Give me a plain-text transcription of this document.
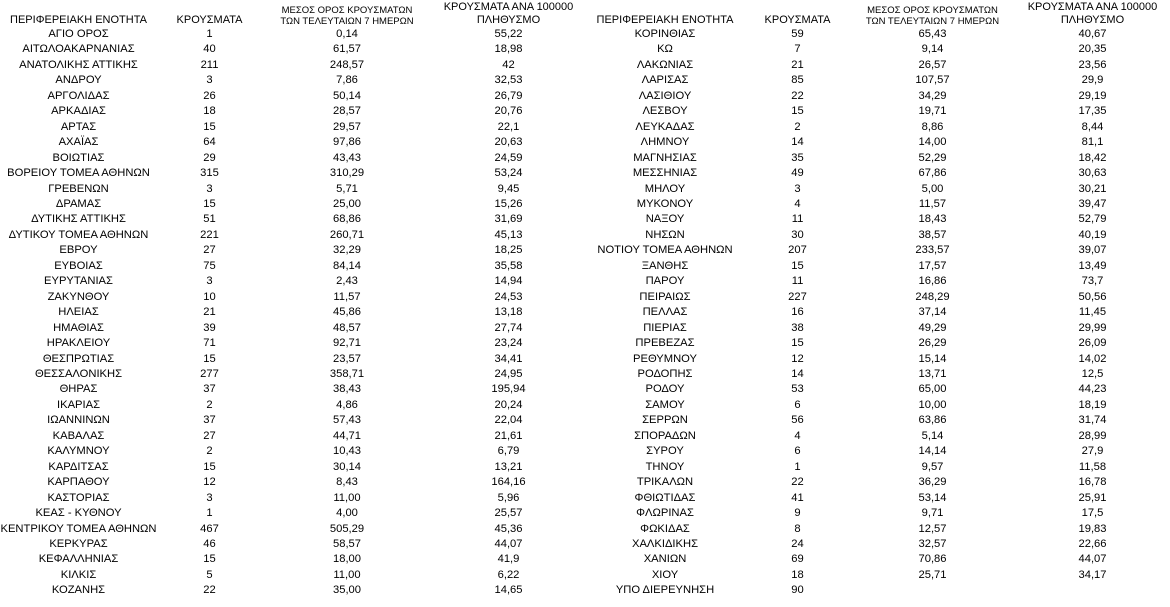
ΠΕΡΙΦΕΡΕΙΑΚΗ ΕΝΟΤΗΤΑ	ΚΡΟΥΣΜΑΤΑ	ΜΕΣΟΣ ΟΡΟΣ ΚΡΟΥΣΜΑΤΩΝ
ΤΩΝ ΤΕΛΕΥΤΑΙΩΝ 7 ΗΜΕΡΩΝ	ΚΡΟΥΣΜΑΤΑ ΑΝΑ 100000
ΠΛΗΘΥΣΜΟ
ΑΓΙΟ ΟΡΟΣ	1	0,14	55,22
ΑΙΤΩΛΟΑΚΑΡΝΑΝΙΑΣ	40	61,57	18,98
ΑΝΑΤΟΛΙΚΗΣ ΑΤΤΙΚΗΣ	211	248,57	42
ΑΝΔΡΟΥ	3	7,86	32,53
ΑΡΓΟΛΙΔΑΣ	26	50,14	26,79
ΑΡΚΑΔΙΑΣ	18	28,57	20,76
ΑΡΤΑΣ	15	29,57	22,1
ΑΧΑΪΑΣ	64	97,86	20,63
ΒΟΙΩΤΙΑΣ	29	43,43	24,59
ΒΟΡΕΙΟΥ ΤΟΜΕΑ ΑΘΗΝΩΝ	315	310,29	53,24
ΓΡΕΒΕΝΩΝ	3	5,71	9,45
ΔΡΑΜΑΣ	15	25,00	15,26
ΔΥΤΙΚΗΣ ΑΤΤΙΚΗΣ	51	68,86	31,69
ΔΥΤΙΚΟΥ ΤΟΜΕΑ ΑΘΗΝΩΝ	221	260,71	45,13
ΕΒΡΟΥ	27	32,29	18,25
ΕΥΒΟΙΑΣ	75	84,14	35,58
ΕΥΡΥΤΑΝΙΑΣ	3	2,43	14,94
ΖΑΚΥΝΘΟΥ	10	11,57	24,53
ΗΛΕΙΑΣ	21	45,86	13,18
ΗΜΑΘΙΑΣ	39	48,57	27,74
ΗΡΑΚΛΕΙΟΥ	71	92,71	23,24
ΘΕΣΠΡΩΤΙΑΣ	15	23,57	34,41
ΘΕΣΣΑΛΟΝΙΚΗΣ	277	358,71	24,95
ΘΗΡΑΣ	37	38,43	195,94
ΙΚΑΡΙΑΣ	2	4,86	20,24
ΙΩΑΝΝΙΝΩΝ	37	57,43	22,04
ΚΑΒΑΛΑΣ	27	44,71	21,61
ΚΑΛΥΜΝΟΥ	2	10,43	6,79
ΚΑΡΔΙΤΣΑΣ	15	30,14	13,21
ΚΑΡΠΑΘΟΥ	12	8,43	164,16
ΚΑΣΤΟΡΙΑΣ	3	11,00	5,96
ΚΕΑΣ - ΚΥΘΝΟΥ	1	4,00	25,57
ΚΕΝΤΡΙΚΟΥ ΤΟΜΕΑ ΑΘΗΝΩΝ	467	505,29	45,36
ΚΕΡΚΥΡΑΣ	46	58,57	44,07
ΚΕΦΑΛΛΗΝΙΑΣ	15	18,00	41,9
ΚΙΛΚΙΣ	5	11,00	6,22
ΚΟΖΑΝΗΣ	22	35,00	14,65
ΠΕΡΙΦΕΡΕΙΑΚΗ ΕΝΟΤΗΤΑ	ΚΡΟΥΣΜΑΤΑ	ΜΕΣΟΣ ΟΡΟΣ ΚΡΟΥΣΜΑΤΩΝ
ΤΩΝ ΤΕΛΕΥΤΑΙΩΝ 7 ΗΜΕΡΩΝ	ΚΡΟΥΣΜΑΤΑ ΑΝΑ 100000
ΠΛΗΘΥΣΜΟ
ΚΟΡΙΝΘΙΑΣ	59	65,43	40,67
ΚΩ	7	9,14	20,35
ΛΑΚΩΝΙΑΣ	21	26,57	23,56
ΛΑΡΙΣΑΣ	85	107,57	29,9
ΛΑΣΙΘΙΟΥ	22	34,29	29,19
ΛΕΣΒΟΥ	15	19,71	17,35
ΛΕΥΚΑΔΑΣ	2	8,86	8,44
ΛΗΜΝΟΥ	14	14,00	81,1
ΜΑΓΝΗΣΙΑΣ	35	52,29	18,42
ΜΕΣΣΗΝΙΑΣ	49	67,86	30,63
ΜΗΛΟΥ	3	5,00	30,21
ΜΥΚΟΝΟΥ	4	11,57	39,47
ΝΑΞΟΥ	11	18,43	52,79
ΝΗΣΩΝ	30	38,57	40,19
ΝΟΤΙΟΥ ΤΟΜΕΑ ΑΘΗΝΩΝ	207	233,57	39,07
ΞΑΝΘΗΣ	15	17,57	13,49
ΠΑΡΟΥ	11	16,86	73,7
ΠΕΙΡΑΙΩΣ	227	248,29	50,56
ΠΕΛΛΑΣ	16	37,14	11,45
ΠΙΕΡΙΑΣ	38	49,29	29,99
ΠΡΕΒΕΖΑΣ	15	26,29	26,09
ΡΕΘΥΜΝΟΥ	12	15,14	14,02
ΡΟΔΟΠΗΣ	14	13,71	12,5
ΡΟΔΟΥ	53	65,00	44,23
ΣΑΜΟΥ	6	10,00	18,19
ΣΕΡΡΩΝ	56	63,86	31,74
ΣΠΟΡΑΔΩΝ	4	5,14	28,99
ΣΥΡΟΥ	6	14,14	27,9
ΤΗΝΟΥ	1	9,57	11,58
ΤΡΙΚΑΛΩΝ	22	36,29	16,78
ΦΘΙΩΤΙΔΑΣ	41	53,14	25,91
ΦΛΩΡΙΝΑΣ	9	9,71	17,5
ΦΩΚΙΔΑΣ	8	12,57	19,83
ΧΑΛΚΙΔΙΚΗΣ	24	32,57	22,66
ΧΑΝΙΩΝ	69	70,86	44,07
ΧΙΟΥ	18	25,71	34,17
ΥΠΟ ΔΙΕΡΕΥΝΗΣΗ	90		
